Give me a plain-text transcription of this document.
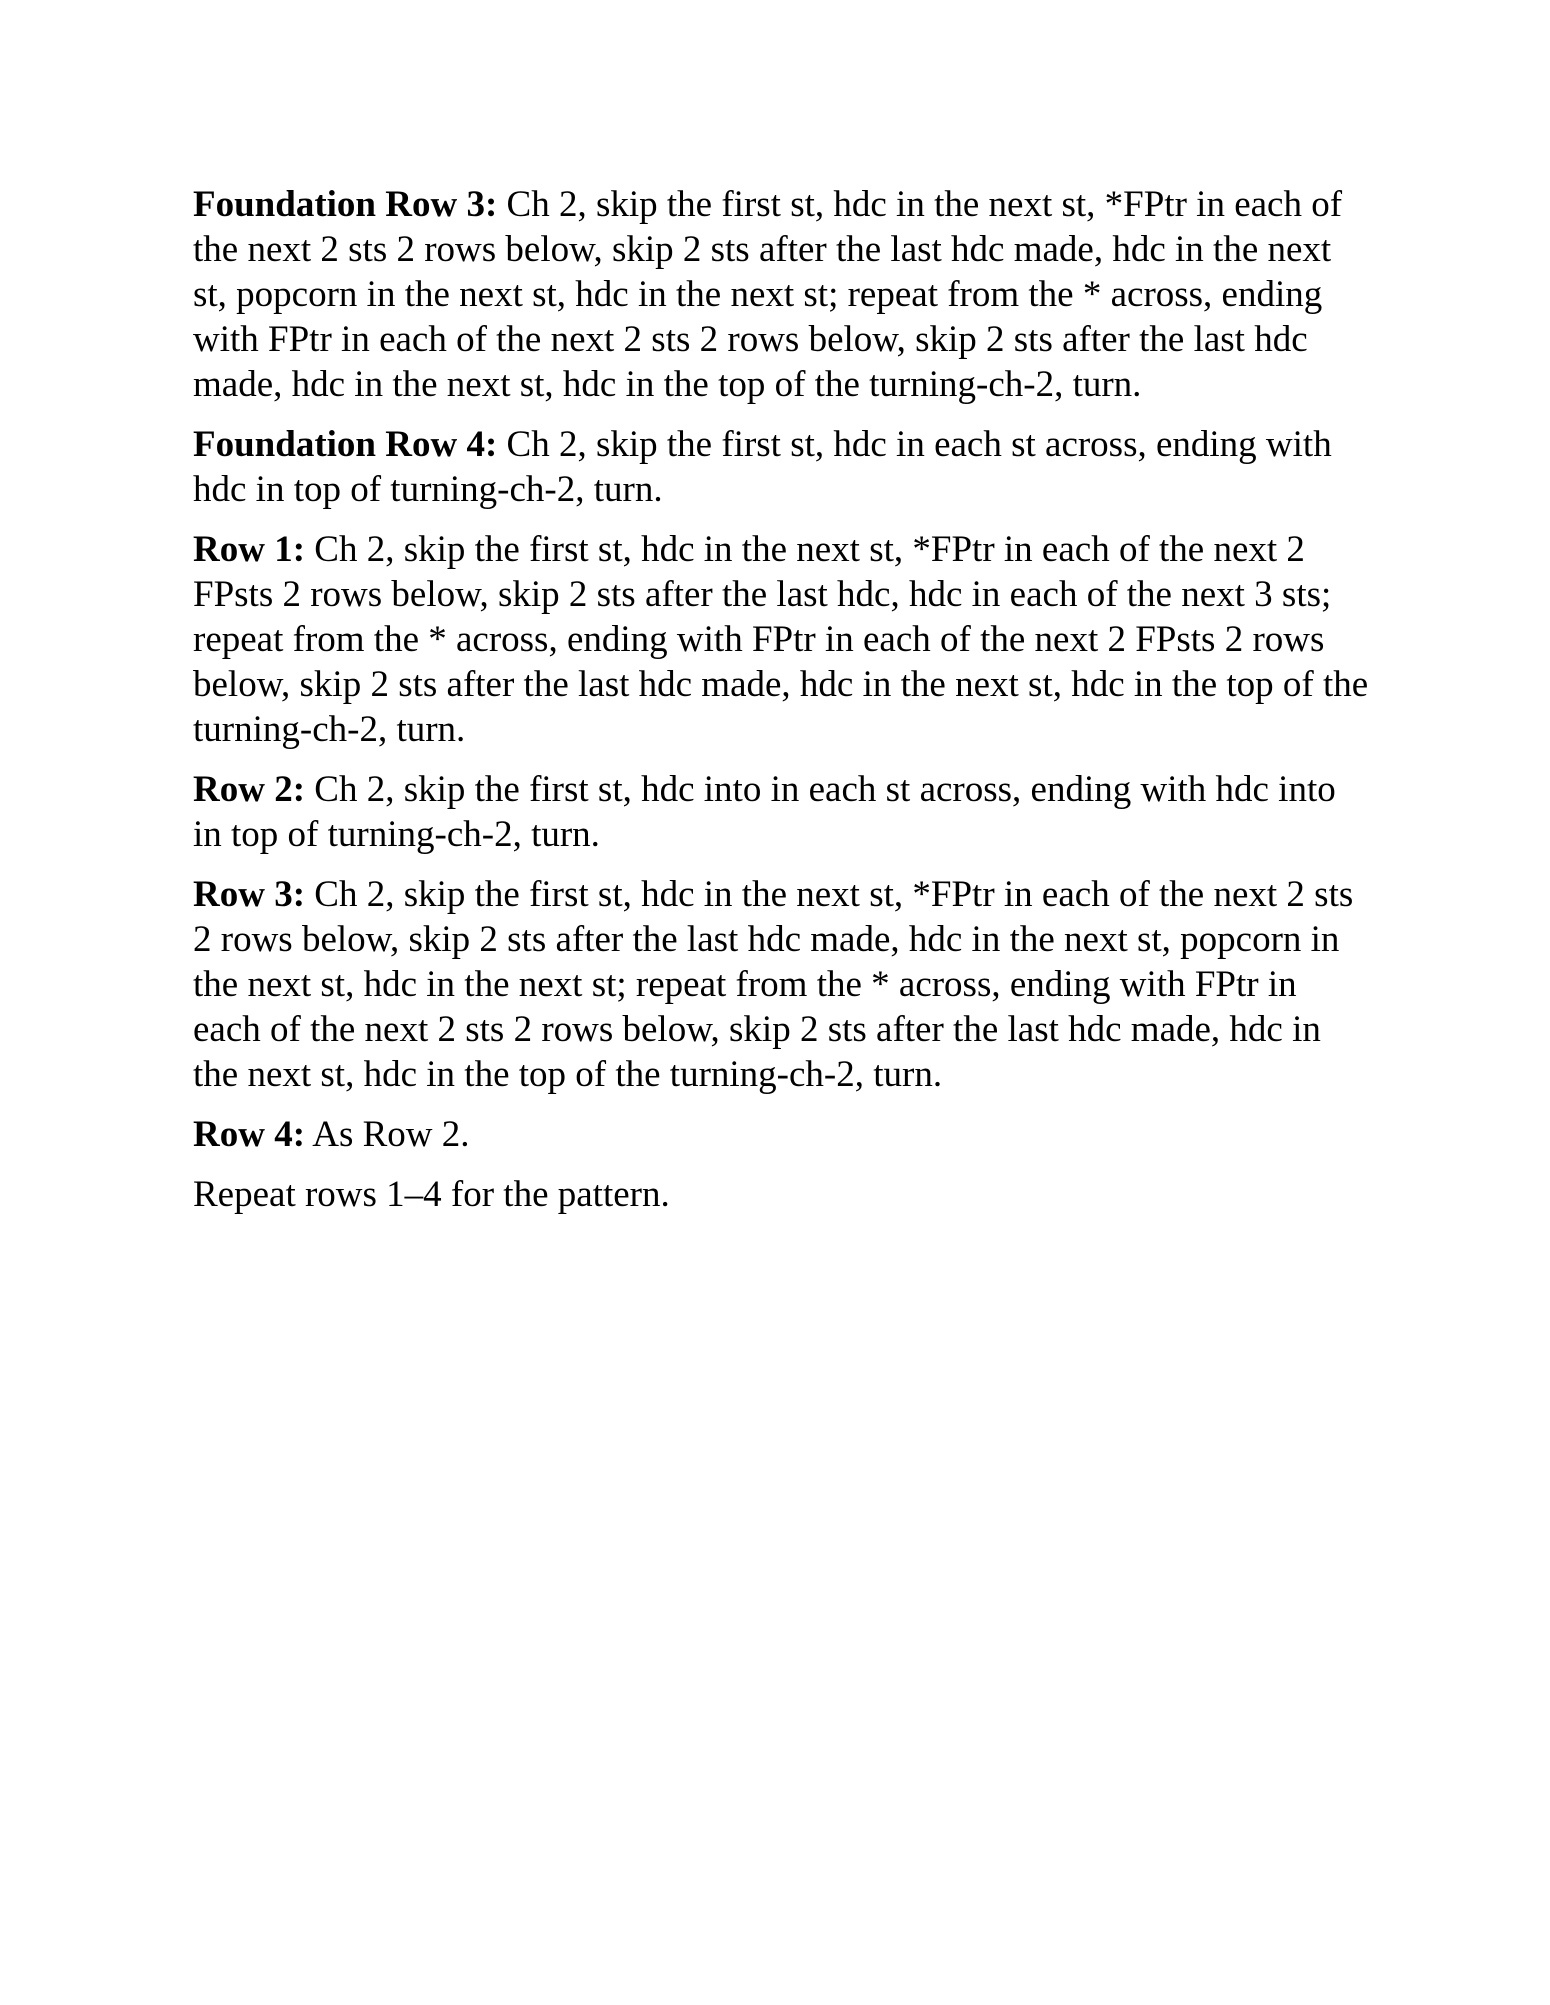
Foundation Row 3: Ch 2, skip the first st, hdc in the next st, *FPtr in each of the next 2 sts 2 rows below, skip 2 sts after the last hdc made, hdc in the next st, popcorn in the next st, hdc in the next st; repeat from the * across, ending with FPtr in each of the next 2 sts 2 rows below, skip 2 sts after the last hdc made, hdc in the next st, hdc in the top of the turning-ch-2, turn.

Foundation Row 4: Ch 2, skip the first st, hdc in each st across, ending with hdc in top of turning-ch-2, turn.

Row 1: Ch 2, skip the first st, hdc in the next st, *FPtr in each of the next 2 FPsts 2 rows below, skip 2 sts after the last hdc, hdc in each of the next 3 sts; repeat from the * across, ending with FPtr in each of the next 2 FPsts 2 rows below, skip 2 sts after the last hdc made, hdc in the next st, hdc in the top of the turning-ch-2, turn.

Row 2: Ch 2, skip the first st, hdc into in each st across, ending with hdc into in top of turning-ch-2, turn.

Row 3: Ch 2, skip the first st, hdc in the next st, *FPtr in each of the next 2 sts 2 rows below, skip 2 sts after the last hdc made, hdc in the next st, popcorn in the next st, hdc in the next st; repeat from the * across, ending with FPtr in each of the next 2 sts 2 rows below, skip 2 sts after the last hdc made, hdc in the next st, hdc in the top of the turning-ch-2, turn.

Row 4: As Row 2.

Repeat rows 1–4 for the pattern.
